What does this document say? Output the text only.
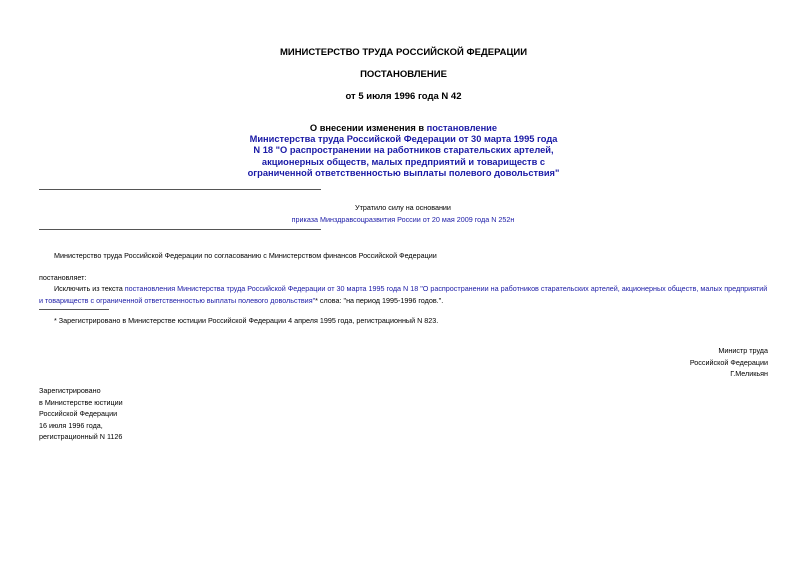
МИНИСТЕРСТВО ТРУДА РОССИЙСКОЙ ФЕДЕРАЦИИ
ПОСТАНОВЛЕНИЕ
от 5 июля 1996 года N 42
О внесении изменения в постановление
Министерства труда Российской Федерации от 30 марта 1995 года
N 18 "О распространении на работников старательских артелей,
акционерных обществ, малых предприятий и товариществ с
ограниченной ответственностью выплаты полевого довольствия"
Утратило силу на основании
приказа Минздравсоцразвития России от 20 мая 2009 года N 252н
Министерство труда Российской Федерации по согласованию с Министерством финансов Российской Федерации
постановляет:

Исключить из текста постановления Министерства труда Российской Федерации от 30 марта 1995 года N 18 "О распространении на работников старательских артелей, акционерных обществ, малых предприятий и товариществ с ограниченной ответственностью выплаты полевого довольствия"* слова: "на период 1995-1996 годов.".

* Зарегистрировано в Министерстве юстиции Российской Федерации 4 апреля 1995 года, регистрационный N 823.
Министр труда
Российской Федерации
Г.Меликьян
Зарегистрировано
в Министерстве юстиции
Российской Федерации
16 июля 1996 года,
регистрационный N 1126
